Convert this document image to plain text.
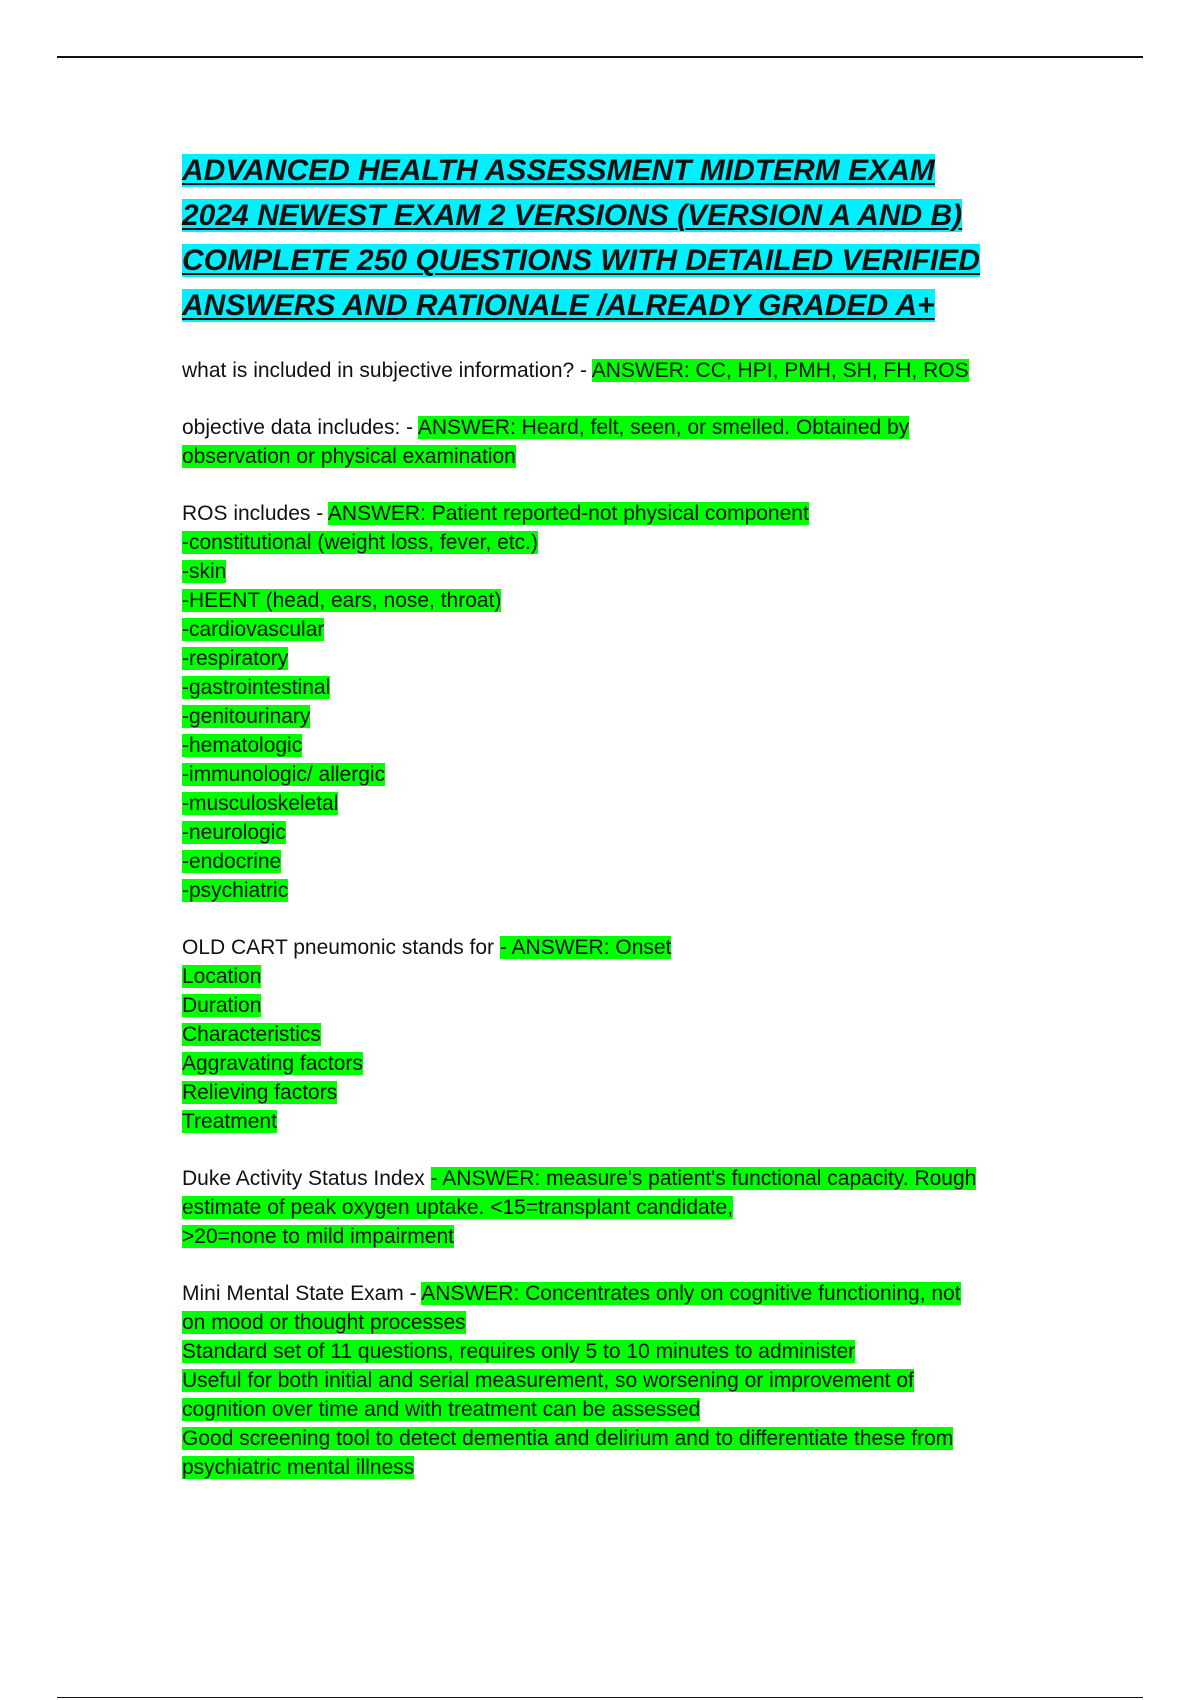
ADVANCED HEALTH ASSESSMENT MIDTERM EXAM
2024 NEWEST EXAM 2 VERSIONS (VERSION A AND B)
COMPLETE 250 QUESTIONS WITH DETAILED VERIFIED
ANSWERS AND RATIONALE /ALREADY GRADED A+
what is included in subjective information? - ANSWER: CC, HPI, PMH, SH, FH, ROS
objective data includes: - ANSWER: Heard, felt, seen, or smelled. Obtained by
observation or physical examination
ROS includes - ANSWER: Patient reported-not physical component
-constitutional (weight loss, fever, etc.)
-skin
-HEENT (head, ears, nose, throat)
-cardiovascular
-respiratory
-gastrointestinal
-genitourinary
-hematologic
-immunologic/ allergic
-musculoskeletal
-neurologic
-endocrine
-psychiatric
OLD CART pneumonic stands for - ANSWER: Onset
Location
Duration
Characteristics
Aggravating factors
Relieving factors
Treatment
Duke Activity Status Index - ANSWER: measure's patient's functional capacity. Rough
estimate of peak oxygen uptake. <15=transplant candidate,
>20=none to mild impairment
Mini Mental State Exam - ANSWER: Concentrates only on cognitive functioning, not
on mood or thought processes
Standard set of 11 questions, requires only 5 to 10 minutes to administer
Useful for both initial and serial measurement, so worsening or improvement of
cognition over time and with treatment can be assessed
Good screening tool to detect dementia and delirium and to differentiate these from
psychiatric mental illness
